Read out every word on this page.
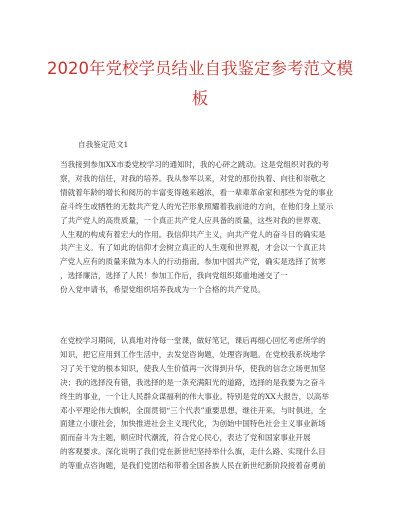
2020年党校学员结业自我鉴定参考范文模
板
自我鉴定范文1
当我接到参加XX市委党校学习的通知时，我的心砰之跳动。这是党组织对我的考
察，对我的信任，对我的培养。我从参军以来，对党的那份执着、向往和崇敬之
情就着年龄的增长和阅历的丰富变得越来越浓，看一辈辈革命家和那些为党的事业
奋斗终生或牺牲的无数共产党人的光芒形象照耀着我前进的方向，在他们身上显示
了共产党人的高贵质量，一个真正共产党人应具备的质量，这些对我的世界观、
人生观的构成有着宏大的作用。我信仰共产主义，向共产党人的奋斗目的确实是
共产主义。有了如此的信仰才会树立真正的人生观和世界观，才会以一个真正共
产党人应有的质量来做为本人的行动指南。参加中国共产党，确实是选择了贫寒
，选择廉洁，选择了人民！参加工作后，我向党组织郑重地递交了一
份入党申请书，希望党组织培养我成为一个合格的共产党员。
在党校学习期间，认真地对待每一堂课，做好笔记，课后再细心回忆考虑所学的
知识，把它应用到工作生活中，去发觉咨询题，处理咨询题。在党校我系统地学
习了关于党的根本知识，使我人生价值再一次得到升华，使我的信念立场更加坚
决；我的选择没有错，我选择的是一条充满阳光的道路，选择的是我要为之奋斗
终生的事业，一个让人民群众谋福利的伟大事业。特别是党的XX大报告，以高举
邓小平理论伟大旗帜，全面贯彻“三个代表”重要思想，继往开来，与时俱进，全
面建立小康社会，加快推进社会主义现代化，为创始中国特色社会主义事业新场
面而奋斗为主题，顺应时代潮流，符合党心民心，表达了党和国家事业开展
的客观要求。深化说明了我们党在新世纪坚持举什么旗，走什么路、实现什么目
的等重点咨询题，是我们党团结和带着全国各族人民在新世纪新阶段接着奋勇前
